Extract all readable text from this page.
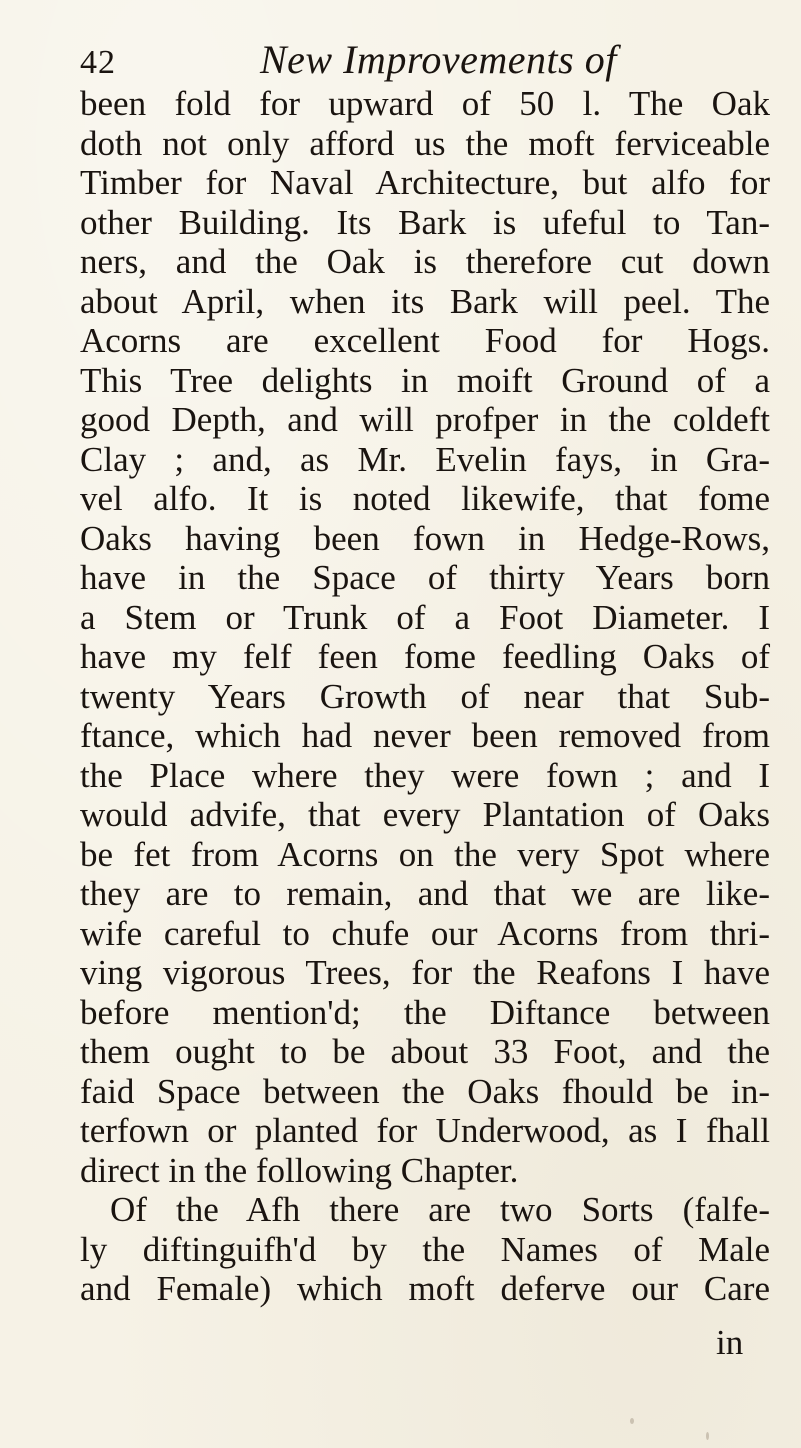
42	New Improvements of
been fold for upward of 50 l. The Oak
doth not only afford us the moft ferviceable
Timber for Naval Architecture, but alfo for
other Building. Its Bark is ufeful to Tan-
ners, and the Oak is therefore cut down
about April, when its Bark will peel. The
Acorns are excellent Food for Hogs.
This Tree delights in moift Ground of a
good Depth, and will profper in the coldeft
Clay ; and, as Mr. Evelin fays, in Gra-
vel alfo. It is noted likewife, that fome
Oaks having been fown in Hedge-Rows,
have in the Space of thirty Years born
a Stem or Trunk of a Foot Diameter. I
have my felf feen fome feedling Oaks of
twenty Years Growth of near that Sub-
ftance, which had never been removed from
the Place where they were fown ; and I
would advife, that every Plantation of Oaks
be fet from Acorns on the very Spot where
they are to remain, and that we are like-
wife careful to chufe our Acorns from thri-
ving vigorous Trees, for the Reafons I have
before mention'd; the Diftance between
them ought to be about 33 Foot, and the
faid Space between the Oaks fhould be in-
terfown or planted for Underwood, as I fhall
direct in the following Chapter.
Of the Afh there are two Sorts (falfe-
ly diftinguifh'd by the Names of Male
and Female) which moft deferve our Care
in
